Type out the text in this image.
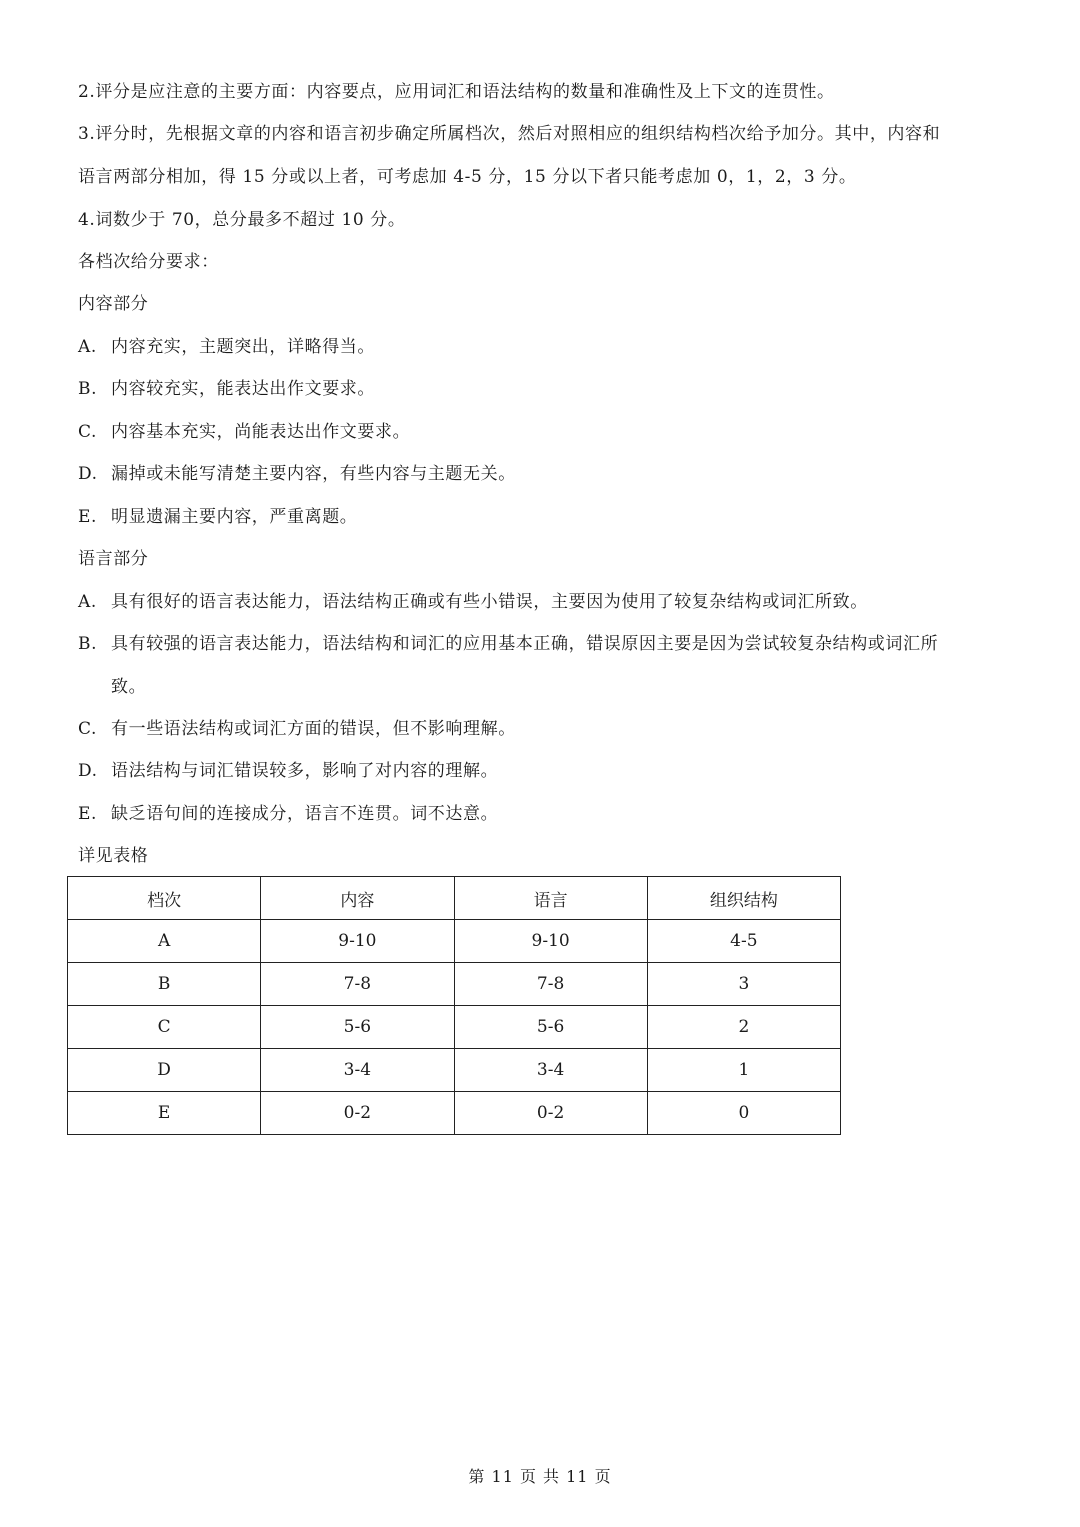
2.评分是应注意的主要方面：内容要点，应用词汇和语法结构的数量和准确性及上下文的连贯性。
3.评分时，先根据文章的内容和语言初步确定所属档次，然后对照相应的组织结构档次给予加分。其中，内容和
语言两部分相加，得 15 分或以上者，可考虑加 4-5 分，15 分以下者只能考虑加 0，1，2，3 分。
4.词数少于 70，总分最多不超过 10 分。
各档次给分要求：
内容部分
A. 内容充实，主题突出，详略得当。
B. 内容较充实，能表达出作文要求。
C. 内容基本充实，尚能表达出作文要求。
D. 漏掉或未能写清楚主要内容，有些内容与主题无关。
E. 明显遗漏主要内容，严重离题。
语言部分
A. 具有很好的语言表达能力，语法结构正确或有些小错误，主要因为使用了较复杂结构或词汇所致。
B. 具有较强的语言表达能力，语法结构和词汇的应用基本正确，错误原因主要是因为尝试较复杂结构或词汇所
致。
C. 有一些语法结构或词汇方面的错误，但不影响理解。
D. 语法结构与词汇错误较多，影响了对内容的理解。
E. 缺乏语句间的连接成分，语言不连贯。词不达意。
详见表格
档次	内容	语言	组织结构
A	9-10	9-10	4-5
B	7-8	7-8	3
C	5-6	5-6	2
D	3-4	3-4	1
E	0-2	0-2	0
第 11 页 共 11 页
